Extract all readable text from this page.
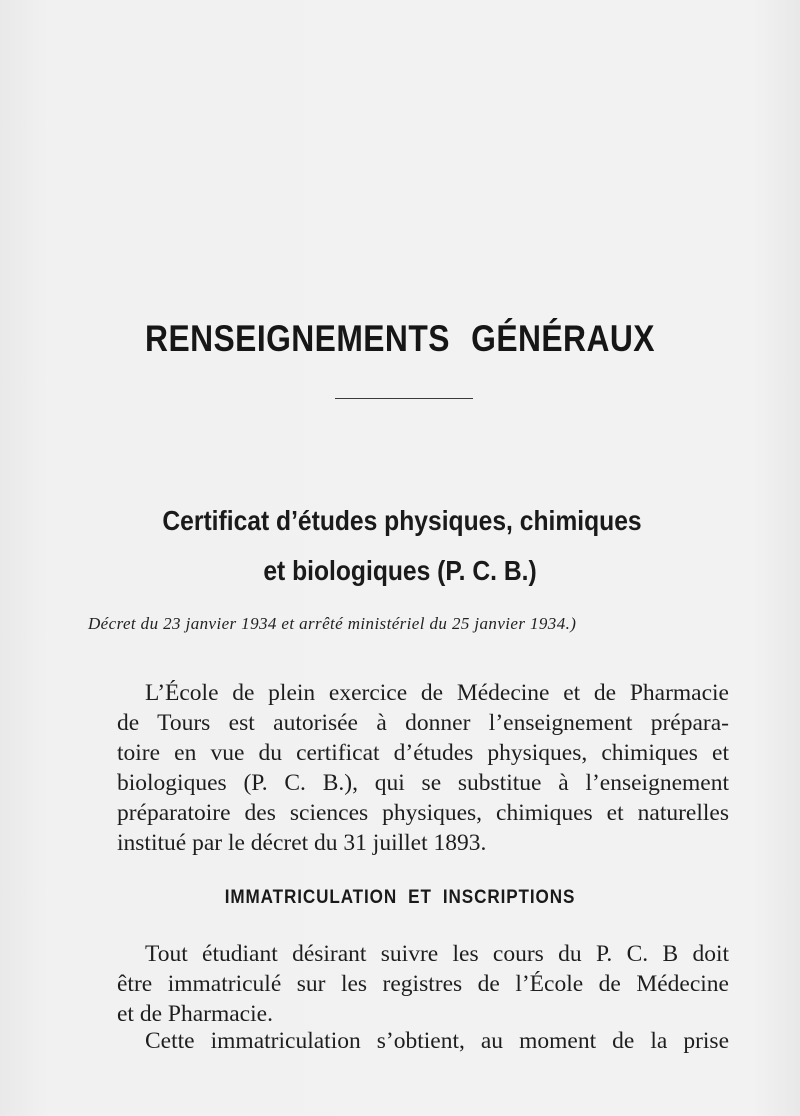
RENSEIGNEMENTS GÉNÉRAUX
Certificat d’études physiques, chimiques
et biologiques (P. C. B.)
Décret du 23 janvier 1934 et arrêté ministériel du 25 janvier 1934.)
L’École de plein exercice de Médecine et de Pharmacie
de Tours est autorisée à donner l’enseignement prépara-
toire en vue du certificat d’études physiques, chimiques et
biologiques (P. C. B.), qui se substitue à l’enseignement
préparatoire des sciences physiques, chimiques et naturelles
institué par le décret du 31 juillet 1893.
IMMATRICULATION ET INSCRIPTIONS
Tout étudiant désirant suivre les cours du P. C. B doit
être immatriculé sur les registres de l’École de Médecine
et de Pharmacie.
Cette immatriculation s’obtient, au moment de la prise
